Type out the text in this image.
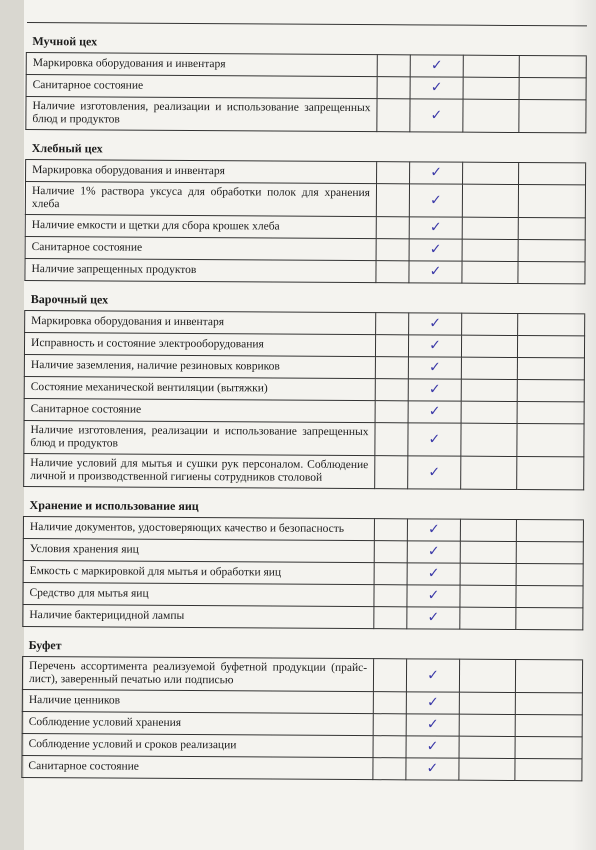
Мучной цех				
Маркировка оборудования и инвентаря		✓		
Санитарное состояние		✓		
Наличие изготовления, реализации и использование запрещенных блюд и продуктов		✓		
Хлебный цех				
Маркировка оборудования и инвентаря		✓		
Наличие 1% раствора уксуса для обработки полок для хранения хлеба		✓		
Наличие емкости и щетки для сбора крошек хлеба		✓		
Санитарное состояние		✓		
Наличие запрещенных продуктов		✓		
Варочный цех				
Маркировка оборудования и инвентаря		✓		
Исправность и состояние электрооборудования		✓		
Наличие заземления, наличие резиновых ковриков		✓		
Состояние механической вентиляции (вытяжки)		✓		
Санитарное состояние		✓		
Наличие изготовления, реализации и использование запрещенных блюд и продуктов		✓		
Наличие условий для мытья и сушки рук персоналом. Соблюдение личной и производственной гигиены сотрудников столовой		✓		
Хранение и использование яиц				
Наличие документов, удостоверяющих качество и безопасность		✓		
Условия хранения яиц		✓		
Емкость с маркировкой для мытья и обработки яиц		✓		
Средство для мытья яиц		✓		
Наличие бактерицидной лампы		✓		
Буфет				
Перечень ассортимента реализуемой буфетной продукции (прайс-лист), заверенный печатью или подписью		✓		
Наличие ценников		✓		
Соблюдение условий хранения		✓		
Соблюдение условий и сроков реализации		✓		
Санитарное состояние		✓		
